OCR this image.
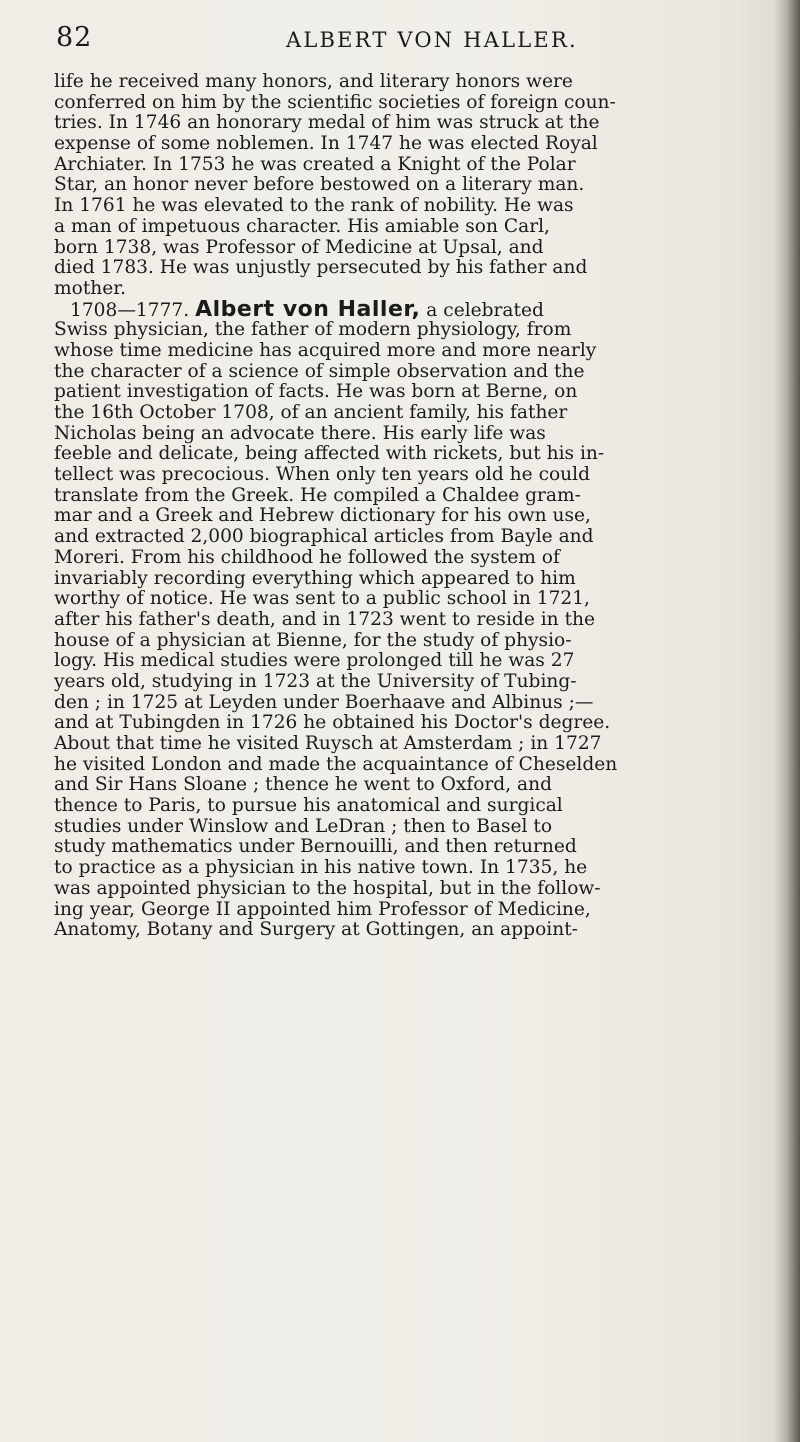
82	ALBERT VON HALLER.
life he received many honors, and literary honors were
conferred on him by the scientific societies of foreign coun-
tries. In 1746 an honorary medal of him was struck at the
expense of some noblemen. In 1747 he was elected Royal
Archiater. In 1753 he was created a Knight of the Polar
Star, an honor never before bestowed on a literary man.
In 1761 he was elevated to the rank of nobility. He was
a man of impetuous character. His amiable son Carl,
born 1738, was Professor of Medicine at Upsal, and
died 1783. He was unjustly persecuted by his father and
mother.
1708—1777. Albert von Haller, a celebrated
Swiss physician, the father of modern physiology, from
whose time medicine has acquired more and more nearly
the character of a science of simple observation and the
patient investigation of facts. He was born at Berne, on
the 16th October 1708, of an ancient family, his father
Nicholas being an advocate there. His early life was
feeble and delicate, being affected with rickets, but his in-
tellect was precocious. When only ten years old he could
translate from the Greek. He compiled a Chaldee gram-
mar and a Greek and Hebrew dictionary for his own use,
and extracted 2,000 biographical articles from Bayle and
Moreri. From his childhood he followed the system of
invariably recording everything which appeared to him
worthy of notice. He was sent to a public school in 1721,
after his father's death, and in 1723 went to reside in the
house of a physician at Bienne, for the study of physio-
logy. His medical studies were prolonged till he was 27
years old, studying in 1723 at the University of Tubing-
den ; in 1725 at Leyden under Boerhaave and Albinus ;—
and at Tubingden in 1726 he obtained his Doctor's degree.
About that time he visited Ruysch at Amsterdam ; in 1727
he visited London and made the acquaintance of Cheselden
and Sir Hans Sloane ; thence he went to Oxford, and
thence to Paris, to pursue his anatomical and surgical
studies under Winslow and LeDran ; then to Basel to
study mathematics under Bernouilli, and then returned
to practice as a physician in his native town. In 1735, he
was appointed physician to the hospital, but in the follow-
ing year, George II appointed him Professor of Medicine,
Anatomy, Botany and Surgery at Gottingen, an appoint-
